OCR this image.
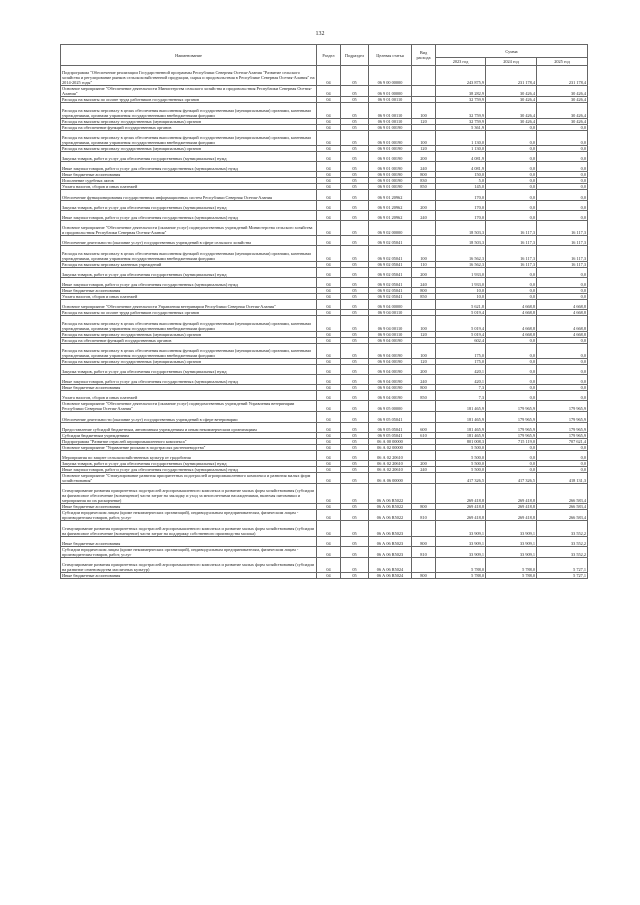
132
Наименование	Раздел	Подраздел	Целевая статья	Вид расхода	Сумма		
					2023 год	2024 год	2025 год
Подпрограмма "Обеспечение реализации Государственной программы Республики Северная Осетия-Алания "Развитие сельского хозяйства и регулирование рынков сельскохозяйственной продукции, сырья и продовольствия в Республике Северная Осетия-Алания" на 2014-2025 годы"	04	05	06 9 00 00000		243 875,9	231 178,4	231 178,4
Основное мероприятие "Обеспечение деятельности Министерства сельского хозяйства и продовольствия Республики Северная Осетия-Алания"	04	05	06 9 01 00000		38 282,9	30 426,4	30 426,4
Расходы на выплаты по оплате труда работников государственных органов	04	05	06 9 01 00110		32 759,9	30 426,4	30 426,4
Расходы на выплаты персоналу в целях обеспечения выполнения функций государственными (муниципальными) органами, казенными учреждениями, органами управления государственными внебюджетными фондами	04	05	06 9 01 00110	100	32 759,9	30 426,4	30 426,4
Расходы на выплаты персоналу государственных (муниципальных) органов	04	05	06 9 01 00110	120	32 759,9	30 426,4	30 426,4
Расходы на обеспечение функций государственных органов	04	05	06 9 01 00190		5 361,9	0,0	0,0
Расходы на выплаты персоналу в целях обеспечения выполнения функций государственными (муниципальными) органами, казенными учреждениями, органами управления государственными внебюджетными фондами	04	05	06 9 01 00190	100	1 130,0	0,0	0,0
Расходы на выплаты персоналу государственных (муниципальных) органов	04	05	06 9 01 00190	120	1 130,0	0,0	0,0
Закупка товаров, работ и услуг для обеспечения государственных (муниципальных) нужд	04	05	06 9 01 00190	200	4 081,9	0,0	0,0
Иные закупки товаров, работ и услуг для обеспечения государственных (муниципальных) нужд	04	05	06 9 01 00190	240	4 081,9	0,0	0,0
Иные бюджетные ассигнования	04	05	06 9 01 00190	800	150,0	0,0	0,0
Исполнение судебных актов	04	05	06 9 01 00190	830	5,0	0,0	0,0
Уплата налогов, сборов и иных платежей	04	05	06 9 01 00190	850	145,0	0,0	0,0
Обеспечение функционирования государственных информационных систем Республики Северная Осетия-Алания	04	05	06 9 01 20962		170,0	0,0	0,0
Закупка товаров, работ и услуг для обеспечения государственных (муниципальных) нужд	04	05	06 9 01 20962	200	170,0	0,0	0,0
Иные закупки товаров, работ и услуг для обеспечения государственных (муниципальных) нужд	04	05	06 9 01 20962	240	170,0	0,0	0,0
Основное мероприятие "Обеспечение деятельности (оказание услуг) подведомственных учреждений Министерства сельского хозяйства и продовольствия Республики Северная Осетия-Алания"	04	05	06 9 02 00000		18 503,3	16 117,3	16 117,3
Обеспечение деятельности (оказание услуг) государственных учреждений в сфере сельского хозяйства	04	05	06 9 02 05041		18 503,3	16 117,3	16 117,3
Расходы на выплаты персоналу в целях обеспечения выполнения функций государственными (муниципальными) органами, казенными учреждениями, органами управления государственными внебюджетными фондами	04	05	06 9 02 05041	100	16 562,3	16 117,3	16 117,3
Расходы на выплаты персоналу казенных учреждений	04	05	06 9 02 05041	110	16 562,3	16 117,3	16 117,3
Закупка товаров, работ и услуг для обеспечения государственных (муниципальных) нужд	04	05	06 9 02 05041	200	1 933,0	0,0	0,0
Иные закупки товаров, работ и услуг для обеспечения государственных (муниципальных) нужд	04	05	06 9 02 05041	240	1 933,0	0,0	0,0
Иные бюджетные ассигнования	04	05	06 9 02 05041	800	10,0	0,0	0,0
Уплата налогов, сборов и иных платежей	04	05	06 9 02 05041	850	10,0	0,0	0,0
Основное мероприятие "Обеспечение деятельности Управления ветеринарии Республики Северная Осетия-Алания"	04	05	06 9 04 00000		5 621,8	4 668,8	4 668,8
Расходы на выплаты по оплате труда работников государственных органов	04	05	06 9 04 00110		5 019,4	4 668,8	4 668,8
Расходы на выплаты персоналу в целях обеспечения выполнения функций государственными (муниципальными) органами, казенными учреждениями, органами управления государственными внебюджетными фондами	04	05	06 9 04 00110	100	5 019,4	4 668,8	4 668,8
Расходы на выплаты персоналу государственных (муниципальных) органов	04	05	06 9 04 00110	120	5 019,4	4 668,8	4 668,8
Расходы на обеспечение функций государственных органов	04	05	06 9 04 00190		602,4	0,0	0,0
Расходы на выплаты персоналу в целях обеспечения выполнения функций государственными (муниципальными) органами, казенными учреждениями, органами управления государственными внебюджетными фондами	04	05	06 9 04 00190	100	175,0	0,0	0,0
Расходы на выплаты персоналу государственных (муниципальных) органов	04	05	06 9 04 00190	120	175,0	0,0	0,0
Закупка товаров, работ и услуг для обеспечения государственных (муниципальных) нужд	04	05	06 9 04 00190	200	420,1	0,0	0,0
Иные закупки товаров, работ и услуг для обеспечения государственных (муниципальных) нужд	04	05	06 9 04 00190	240	420,1	0,0	0,0
Иные бюджетные ассигнования	04	05	06 9 04 00190	800	7,3	0,0	0,0
Уплата налогов, сборов и иных платежей	04	05	06 9 04 00190	850	7,3	0,0	0,0
Основное мероприятие "Обеспечение деятельности (оказание услуг) подведомственных учреждений Управления ветеринарии Республики Северная Осетия-Алания"	04	05	06 9 05 00000		181 465,9	179 965,9	179 965,9
Обеспечение деятельности (оказание услуг) государственных учреждений в сфере ветеринарии	04	05	06 9 05 05041		181 465,9	179 965,9	179 965,9
Предоставление субсидий бюджетным, автономным учреждениям и иным некоммерческим организациям	04	05	06 9 05 05041	600	181 465,9	179 965,9	179 965,9
Субсидии бюджетным учреждениям	04	05	06 9 05 05041	610	181 465,9	179 965,9	179 965,9
Подпрограмма "Развитие отраслей агропромышленного комплекса"	04	05	06 А 00 00000		801 008,3	715 119,0	707 621,4
Основное мероприятие "Управление рисками в подотраслях растениеводства"	04	05	06 А 02 00000		5 500,0	0,0	0,0
Мероприятия по защите сельскохозяйственных культур от градобития	04	05	06 А 02 20610		5 500,0	0,0	0,0
Закупка товаров, работ и услуг для обеспечения государственных (муниципальных) нужд	04	05	06 А 02 20610	200	5 500,0	0,0	0,0
Иные закупки товаров, работ и услуг для обеспечения государственных (муниципальных) нужд	04	05	06 А 02 20610	240	5 500,0	0,0	0,0
Основное мероприятие "Стимулирование развития приоритетных подотраслей агропромышленного комплекса и развития малых форм хозяйствования"	04	05	06 А 06 00000		417 326,5	417 326,5	418 131,3
Стимулирование развития приоритетных подотраслей агропромышленного комплекса и развитие малых форм хозяйствования (субсидии на финансовое обеспечение (возмещение) части затрат на закладку и уход за многолетними насаждениями, включая питомники и мероприятия по их раскорчевке)	04	05	06 А 06 R5022		269 418,8	269 418,8	266 583,4
Иные бюджетные ассигнования	04	05	06 А 06 R5022	800	269 418,8	269 418,8	266 583,4
Субсидии юридическим лицам (кроме некоммерческих организаций), индивидуальным предпринимателям, физическим лицам - производителям товаров, работ, услуг	04	05	06 А 06 R5022	810	269 418,8	269 418,8	266 583,4
Стимулирование развития приоритетных подотраслей агропромышленного комплекса и развитие малых форм хозяйствования (субсидии на финансовое обеспечение (возмещение) части затрат на поддержку собственного производства молока)	04	05	06 А 06 R5023		33 909,1	33 909,1	33 552,2
Иные бюджетные ассигнования	04	05	06 А 06 R5023	800	33 909,1	33 909,1	33 552,2
Субсидии юридическим лицам (кроме некоммерческих организаций), индивидуальным предпринимателям, физическим лицам - производителям товаров, работ, услуг	04	05	06 А 06 R5023	810	33 909,1	33 909,1	33 552,2
Стимулирование развития приоритетных подотраслей агропромышленного комплекса и развитие малых форм хозяйствования (субсидии на развитие семеноводства масличных культур)	04	05	06 А 06 R5024		5 788,0	5 788,0	5 727,1
Иные бюджетные ассигнования	04	05	06 А 06 R5024	800	5 788,0	5 788,0	5 727,1
